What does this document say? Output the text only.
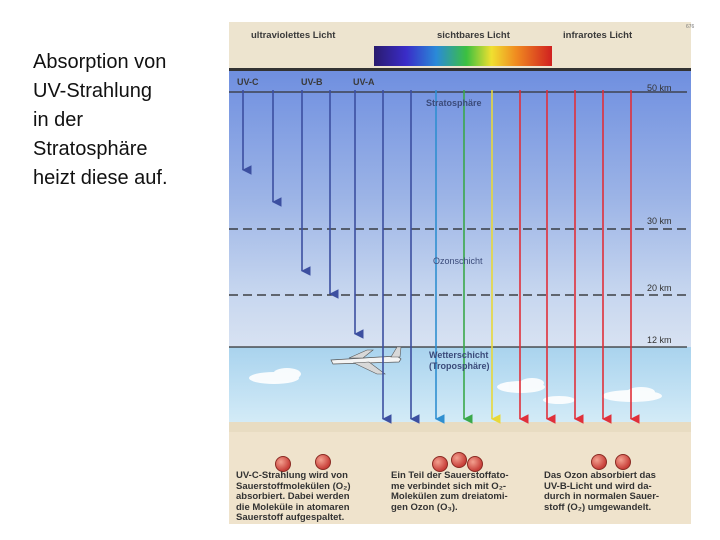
Absorption von
UV-Strahlung
in der
Stratosphäre
heizt diese auf.
ultraviolettes Licht	sichtbares Licht	infrarotes Licht
676
UV-C	UV-B	UV-A
50 km
30 km
20 km
12 km
Stratosphäre
Ozonschicht
Wetterschicht
(Troposphäre)
UV-C-Strahlung wird von
Sauerstoffmolekülen (O₂)
absorbiert. Dabei werden
die Moleküle in atomaren
Sauerstoff aufgespaltet.
Ein Teil der Sauerstoffato-
me verbindet sich mit O₂-
Molekülen zum dreiatomi-
gen Ozon (O₃).
Das Ozon absorbiert das
UV-B-Licht und wird da-
durch in normalen Sauer-
stoff (O₂) umgewandelt.
